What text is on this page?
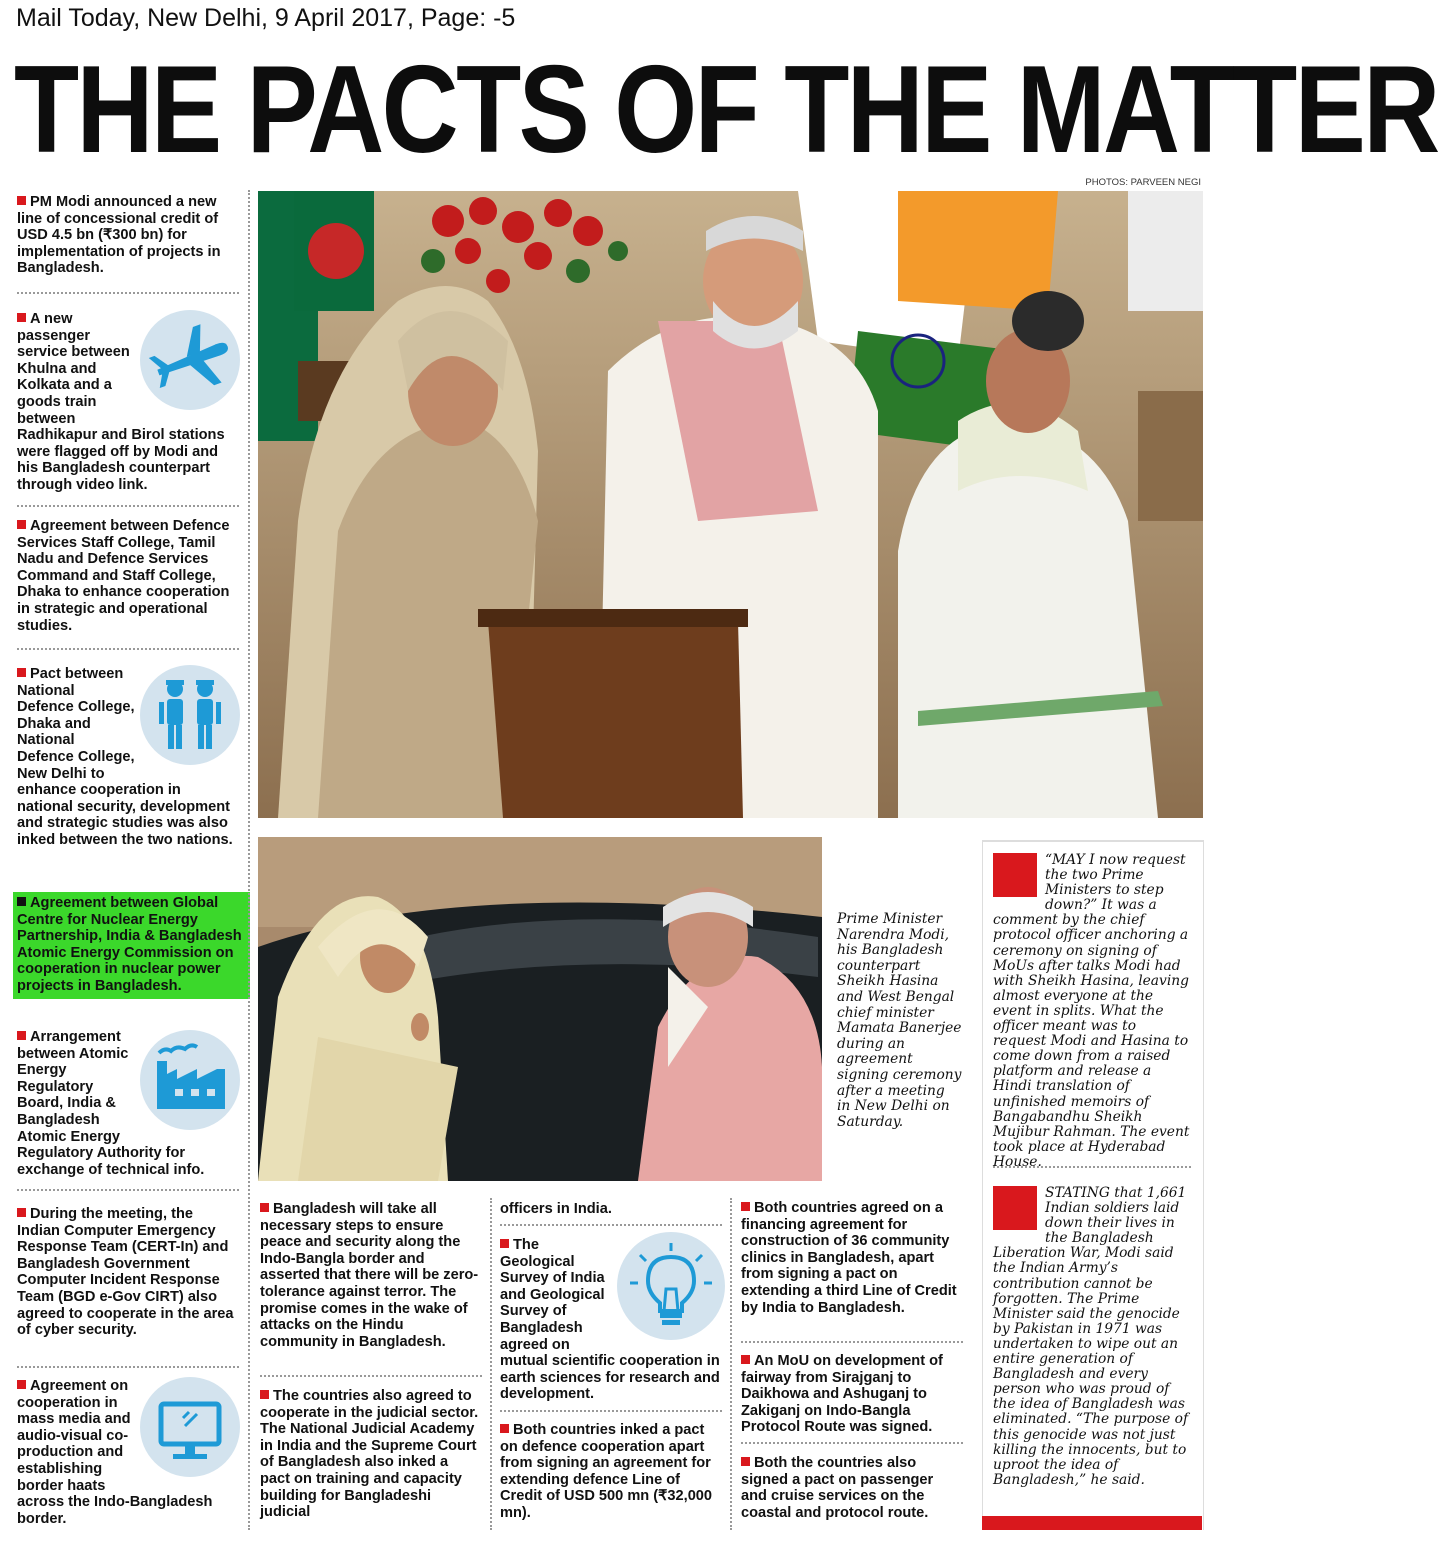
Mail Today, New Delhi, 9 April 2017, Page: -5
THE PACTS OF THE MATTER
PHOTOS: PARVEEN NEGI

PM Modi announced a new line of concessional credit of USD 4.5 bn (₹300 bn) for implementation of projects in Bangladesh.

A new passenger service between Khulna and Kolkata and a goods train between Radhikapur and Birol stations were flagged off by Modi and his Bangladesh counterpart through video link.

Agreement between Defence Services Staff College, Tamil Nadu and Defence Services Command and Staff College, Dhaka to enhance cooperation in strategic and operational studies.

Pact between National Defence College, Dhaka and National Defence College, New Delhi to enhance cooperation in national security, development and strategic studies was also inked between the two nations.

Agreement between Global Centre for Nuclear Energy Partnership, India & Bangladesh Atomic Energy Commission on cooperation in nuclear power projects in Bangladesh.

Arrangement between Atomic Energy Regulatory Board, India & Bangladesh Atomic Energy Regulatory Authority for exchange of technical info.

During the meeting, the Indian Computer Emergency Response Team (CERT-In) and Bangladesh Government Computer Incident Response Team (BGD e-Gov CIRT) also agreed to cooperate in the area of cyber security.

Agreement on cooperation in mass media and audio-visual co-production and establishing border haats across the Indo-Bangladesh border.

Prime Minister Narendra Modi, his Bangladesh counterpart Sheikh Hasina and West Bengal chief minister Mamata Banerjee during an agreement signing ceremony after a meeting in New Delhi on Saturday.
“MAY I now request the two Prime Ministers to step down?” It was a comment by the chief protocol officer anchoring a ceremony on signing of MoUs after talks Modi had with Sheikh Hasina, leaving almost everyone at the event in splits. What the officer meant was to request Modi and Hasina to come down from a raised platform and release a Hindi translation of unfinished memoirs of Bangabandhu Sheikh Mujibur Rahman. The event took place at Hyderabad House.
STATING that 1,661 Indian soldiers laid down their lives in the Bangladesh Liberation War, Modi said the Indian Army’s contribution cannot be forgotten. The Prime Minister said the genocide by Pakistan in 1971 was undertaken to wipe out an entire generation of Bangladesh and every person who was proud of the idea of Bangladesh was eliminated. “The purpose of this genocide was not just killing the innocents, but to uproot the idea of Bangladesh,” he said.

Bangladesh will take all necessary steps to ensure peace and security along the Indo-Bangla border and asserted that there will be zero-tolerance against terror. The promise comes in the wake of attacks on the Hindu community in Bangladesh.

The countries also agreed to cooperate in the judicial sector. The National Judicial Academy in India and the Supreme Court of Bangladesh also inked a pact on training and capacity building for Bangladeshi judicial

officers in India.

The Geological Survey of India and Geological Survey of Bangladesh agreed on mutual scientific cooperation in earth sciences for research and development.

Both countries inked a pact on defence cooperation apart from signing an agreement for extending defence Line of Credit of USD 500 mn (₹32,000 mn).

Both countries agreed on a financing agreement for construction of 36 community clinics in Bangladesh, apart from signing a pact on extending a third Line of Credit by India to Bangladesh.

An MoU on development of fairway from Sirajganj to Daikhowa and Ashuganj to Zakiganj on Indo-Bangla Protocol Route was signed.

Both the countries also signed a pact on passenger and cruise services on the coastal and protocol route.
